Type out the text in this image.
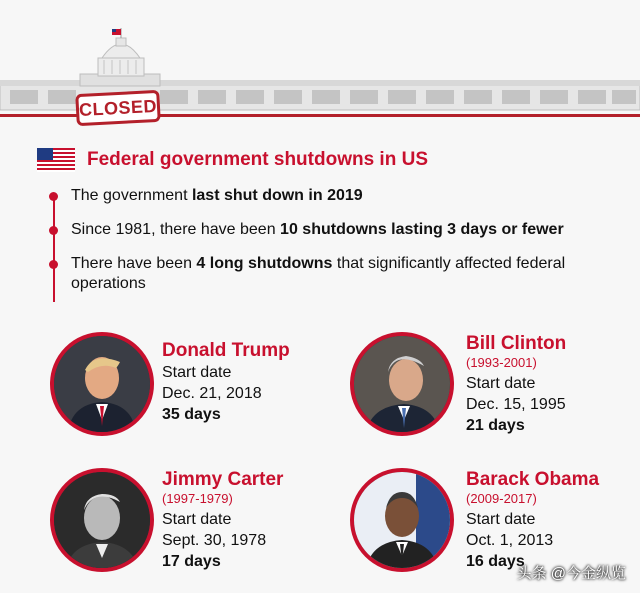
CLOSED
Federal government shutdowns in US
The government last shut down in 2019
Since 1981, there have been 10 shutdowns lasting 3 days or fewer
There have been 4 long shutdowns that significantly affected federal operations
Donald Trump
Start date
Dec. 21, 2018
35 days
Bill Clinton
(1993-2001)
Start date
Dec. 15, 1995
21 days
Jimmy Carter
(1997-1979)
Start date
Sept. 30, 1978
17 days
Barack Obama
(2009-2017)
Start date
Oct. 1, 2013
16 days
头条 @今金纵览
